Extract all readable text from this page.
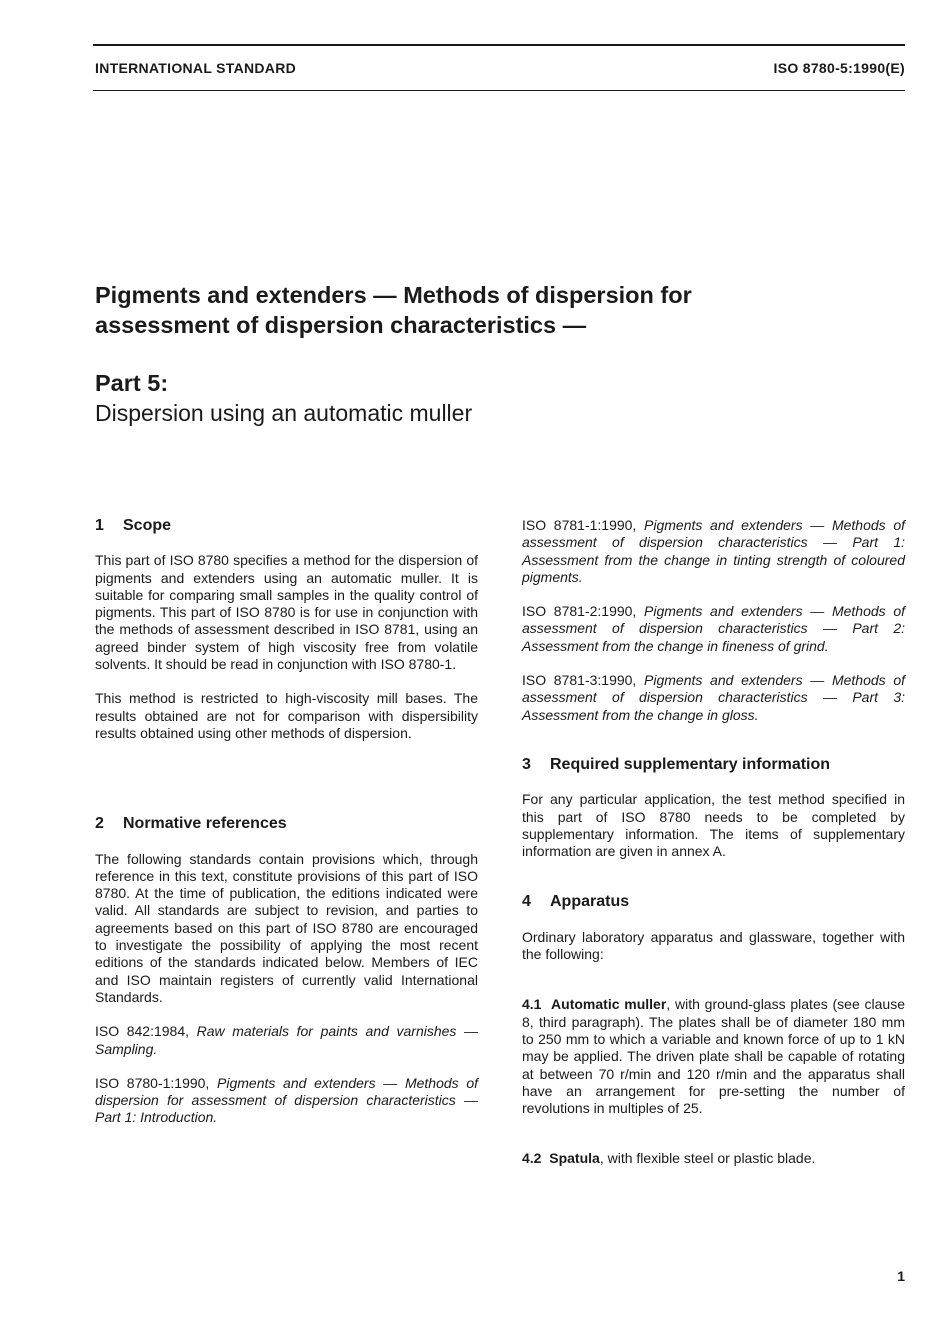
INTERNATIONAL STANDARD	ISO 8780-5:1990(E)
Pigments and extenders — Methods of dispersion for
assessment of dispersion characteristics —
Part 5:
Dispersion using an automatic muller
1 Scope

This part of ISO 8780 specifies a method for the dispersion of pigments and extenders using an automatic muller. It is suitable for comparing small samples in the quality control of pigments. This part of ISO 8780 is for use in conjunction with the methods of assessment described in ISO 8781, using an agreed binder system of high viscosity free from volatile solvents. It should be read in conjunction with ISO 8780-1.

This method is restricted to high-viscosity mill bases. The results obtained are not for comparison with dispersibility results obtained using other methods of dispersion.

2 Normative references

The following standards contain provisions which, through reference in this text, constitute provisions of this part of ISO 8780. At the time of publication, the editions indicated were valid. All standards are subject to revision, and parties to agreements based on this part of ISO 8780 are encouraged to investigate the possibility of applying the most recent editions of the standards indicated below. Members of IEC and ISO maintain registers of currently valid International Standards.

ISO 842:1984, Raw materials for paints and varnishes — Sampling.

ISO 8780-1:1990, Pigments and extenders — Methods of dispersion for assessment of dispersion characteristics — Part 1: Introduction.

ISO 8781-1:1990, Pigments and extenders — Methods of assessment of dispersion characteristics — Part 1: Assessment from the change in tinting strength of coloured pigments.

ISO 8781-2:1990, Pigments and extenders — Methods of assessment of dispersion characteristics — Part 2: Assessment from the change in fineness of grind.

ISO 8781-3:1990, Pigments and extenders — Methods of assessment of dispersion characteristics — Part 3: Assessment from the change in gloss.

3 Required supplementary information

For any particular application, the test method specified in this part of ISO 8780 needs to be completed by supplementary information. The items of supplementary information are given in annex A.

4 Apparatus

Ordinary laboratory apparatus and glassware, together with the following:

4.1 Automatic muller, with ground-glass plates (see clause 8, third paragraph). The plates shall be of diameter 180 mm to 250 mm to which a variable and known force of up to 1 kN may be applied. The driven plate shall be capable of rotating at between 70 r/min and 120 r/min and the apparatus shall have an arrangement for pre-setting the number of revolutions in multiples of 25.

4.2 Spatula, with flexible steel or plastic blade.

1
